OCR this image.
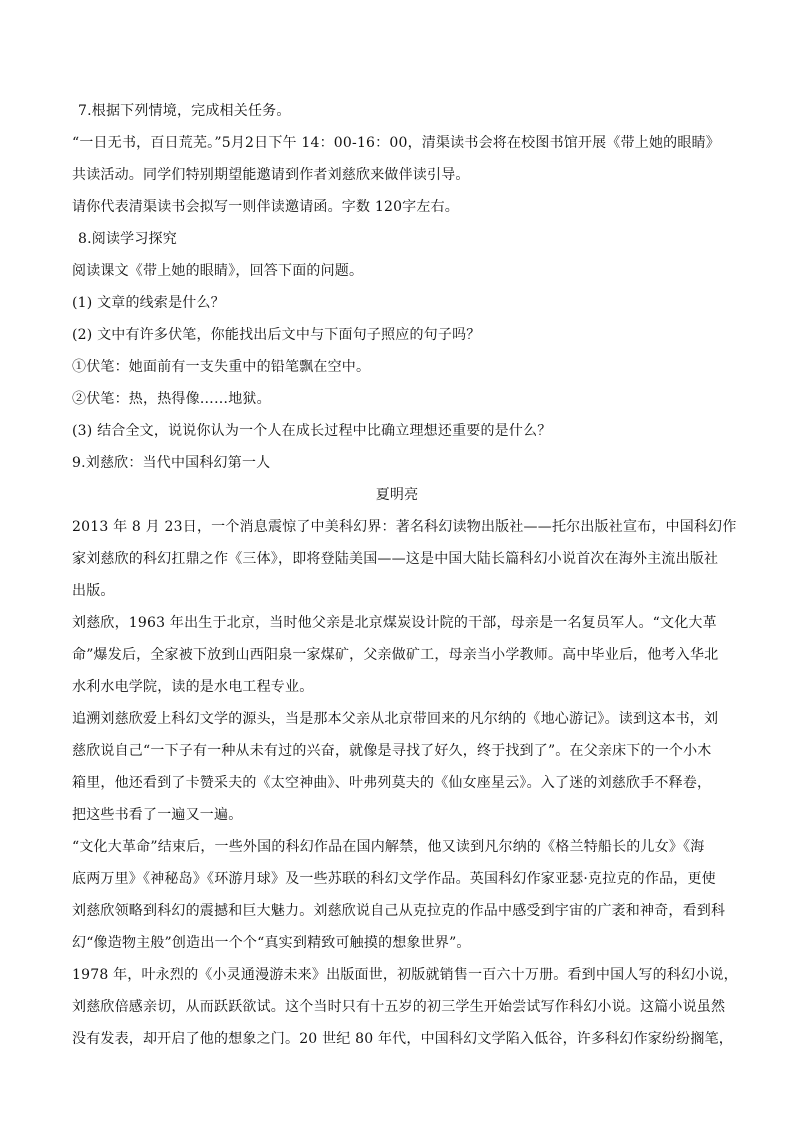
7.根据下列情境，完成相关任务。

“一日无书，百日荒芜。”5月2日下午 14：00-16：00，清渠读书会将在校图书馆开展《带上她的眼睛》

共读活动。同学们特别期望能邀请到作者刘慈欣来做伴读引导。

请你代表清渠读书会拟写一则伴读邀请函。字数 120字左右。

8.阅读学习探究

阅读课文《带上她的眼睛》，回答下面的问题。

(1) 文章的线索是什么？

(2) 文中有许多伏笔，你能找出后文中与下面句子照应的句子吗？

①伏笔：她面前有一支失重中的铅笔飘在空中。

②伏笔：热，热得像……地狱。

(3) 结合全文，说说你认为一个人在成长过程中比确立理想还重要的是什么？

9.刘慈欣：当代中国科幻第一人

夏明亮

2013 年 8 月 23日，一个消息震惊了中美科幻界：著名科幻读物出版社——托尔出版社宣布，中国科幻作

家刘慈欣的科幻扛鼎之作《三体》，即将登陆美国——这是中国大陆长篇科幻小说首次在海外主流出版社

出版。

刘慈欣，1963 年出生于北京，当时他父亲是北京煤炭设计院的干部，母亲是一名复员军人。“文化大革

命”爆发后，全家被下放到山西阳泉一家煤矿，父亲做矿工，母亲当小学教师。高中毕业后，他考入华北

水利水电学院，读的是水电工程专业。

追溯刘慈欣爱上科幻文学的源头，当是那本父亲从北京带回来的凡尔纳的《地心游记》。读到这本书，刘

慈欣说自己“一下子有一种从未有过的兴奋，就像是寻找了好久，终于找到了”。在父亲床下的一个小木

箱里，他还看到了卡赞采夫的《太空神曲》、叶弗列莫夫的《仙女座星云》。入了迷的刘慈欣手不释卷，

把这些书看了一遍又一遍。

“文化大革命”结束后，一些外国的科幻作品在国内解禁，他又读到凡尔纳的《格兰特船长的儿女》《海

底两万里》《神秘岛》《环游月球》及一些苏联的科幻文学作品。英国科幻作家亚瑟·克拉克的作品，更使

刘慈欣领略到科幻的震撼和巨大魅力。刘慈欣说自己从克拉克的作品中感受到宇宙的广袤和神奇，看到科

幻“像造物主般”创造出一个个“真实到精致可触摸的想象世界”。

1978 年，叶永烈的《小灵通漫游未来》出版面世，初版就销售一百六十万册。看到中国人写的科幻小说，

刘慈欣倍感亲切，从而跃跃欲试。这个当时只有十五岁的初三学生开始尝试写作科幻小说。这篇小说虽然

没有发表，却开启了他的想象之门。20 世纪 80 年代，中国科幻文学陷入低谷，许多科幻作家纷纷搁笔，
